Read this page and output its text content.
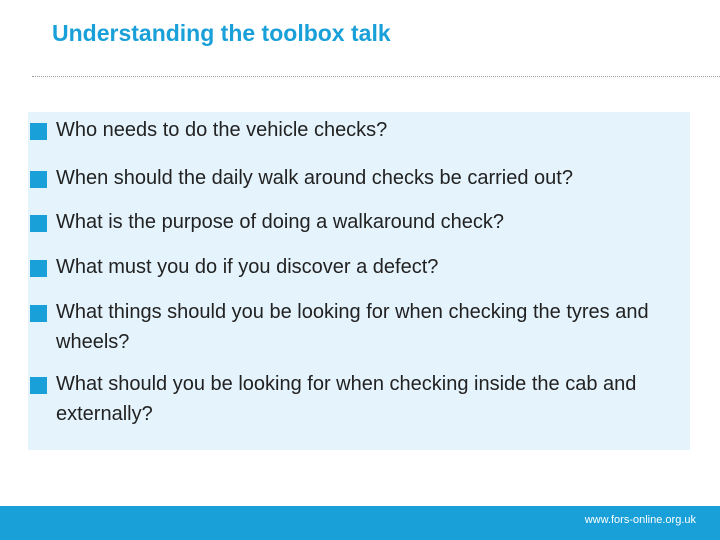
Understanding the toolbox talk
Who needs to do the vehicle checks?
When should the daily walk around checks be carried out?
What is the purpose of doing a walkaround check?
What must you do if you discover a defect?
What things should you be looking for when checking the tyres and wheels?
What should you be looking for when checking inside the cab and externally?
www.fors-online.org.uk
